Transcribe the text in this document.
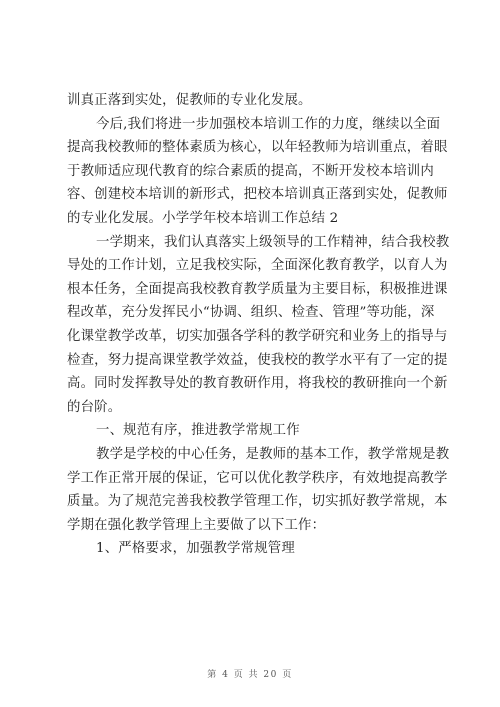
训真正落到实处，促教师的专业化发展。

今后,我们将进一步加强校本培训工作的力度，继续以全面

提高我校教师的整体素质为核心，以年轻教师为培训重点，着眼

于教师适应现代教育的综合素质的提高，不断开发校本培训内

容、创建校本培训的新形式，把校本培训真正落到实处，促教师

的专业化发展。小学学年校本培训工作总结 2

一学期来，我们认真落实上级领导的工作精神，结合我校教

导处的工作计划，立足我校实际，全面深化教育教学，以育人为

根本任务，全面提高我校教育教学质量为主要目标，积极推进课

程改革，充分发挥民小“协调、组织、检查、管理”等功能，深

化课堂教学改革，切实加强各学科的教学研究和业务上的指导与

检查，努力提高课堂教学效益，使我校的教学水平有了一定的提

高。同时发挥教导处的教育教研作用，将我校的教研推向一个新

的台阶。

一、规范有序，推进教学常规工作

教学是学校的中心任务，是教师的基本工作，教学常规是教

学工作正常开展的保证，它可以优化教学秩序，有效地提高教学

质量。为了规范完善我校教学管理工作，切实抓好教学常规，本

学期在强化教学管理上主要做了以下工作：

1、严格要求，加强教学常规管理

第 4 页 共 20 页
